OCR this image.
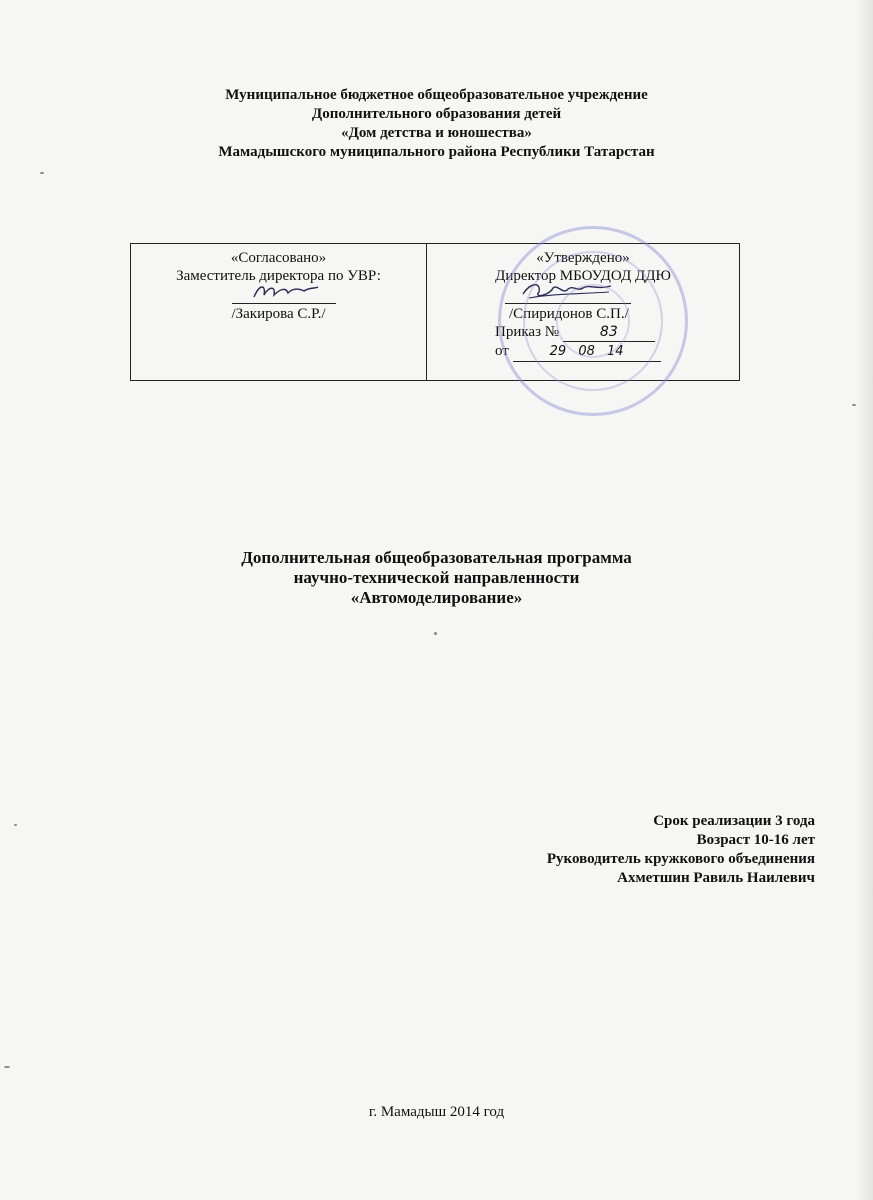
Муниципальное бюджетное общеобразовательное учреждение
Дополнительного образования детей
«Дом детства и юношества»
Мамадышского муниципального района Республики Татарстан
«Согласовано»
Заместитель директора по УВР:
/Закирова С.Р./
«Утверждено»
Директор МБОУДОД ДДЮ
/Спиридонов С.П./
Приказ №	83
от	29 08 14
Дополнительная общеобразовательная программа
научно-технической направленности
«Автомоделирование»
Срок реализации 3 года
Возраст 10-16 лет
Руководитель кружкового объединения
Ахметшин Равиль Наилевич
г. Мамадыш 2014 год
